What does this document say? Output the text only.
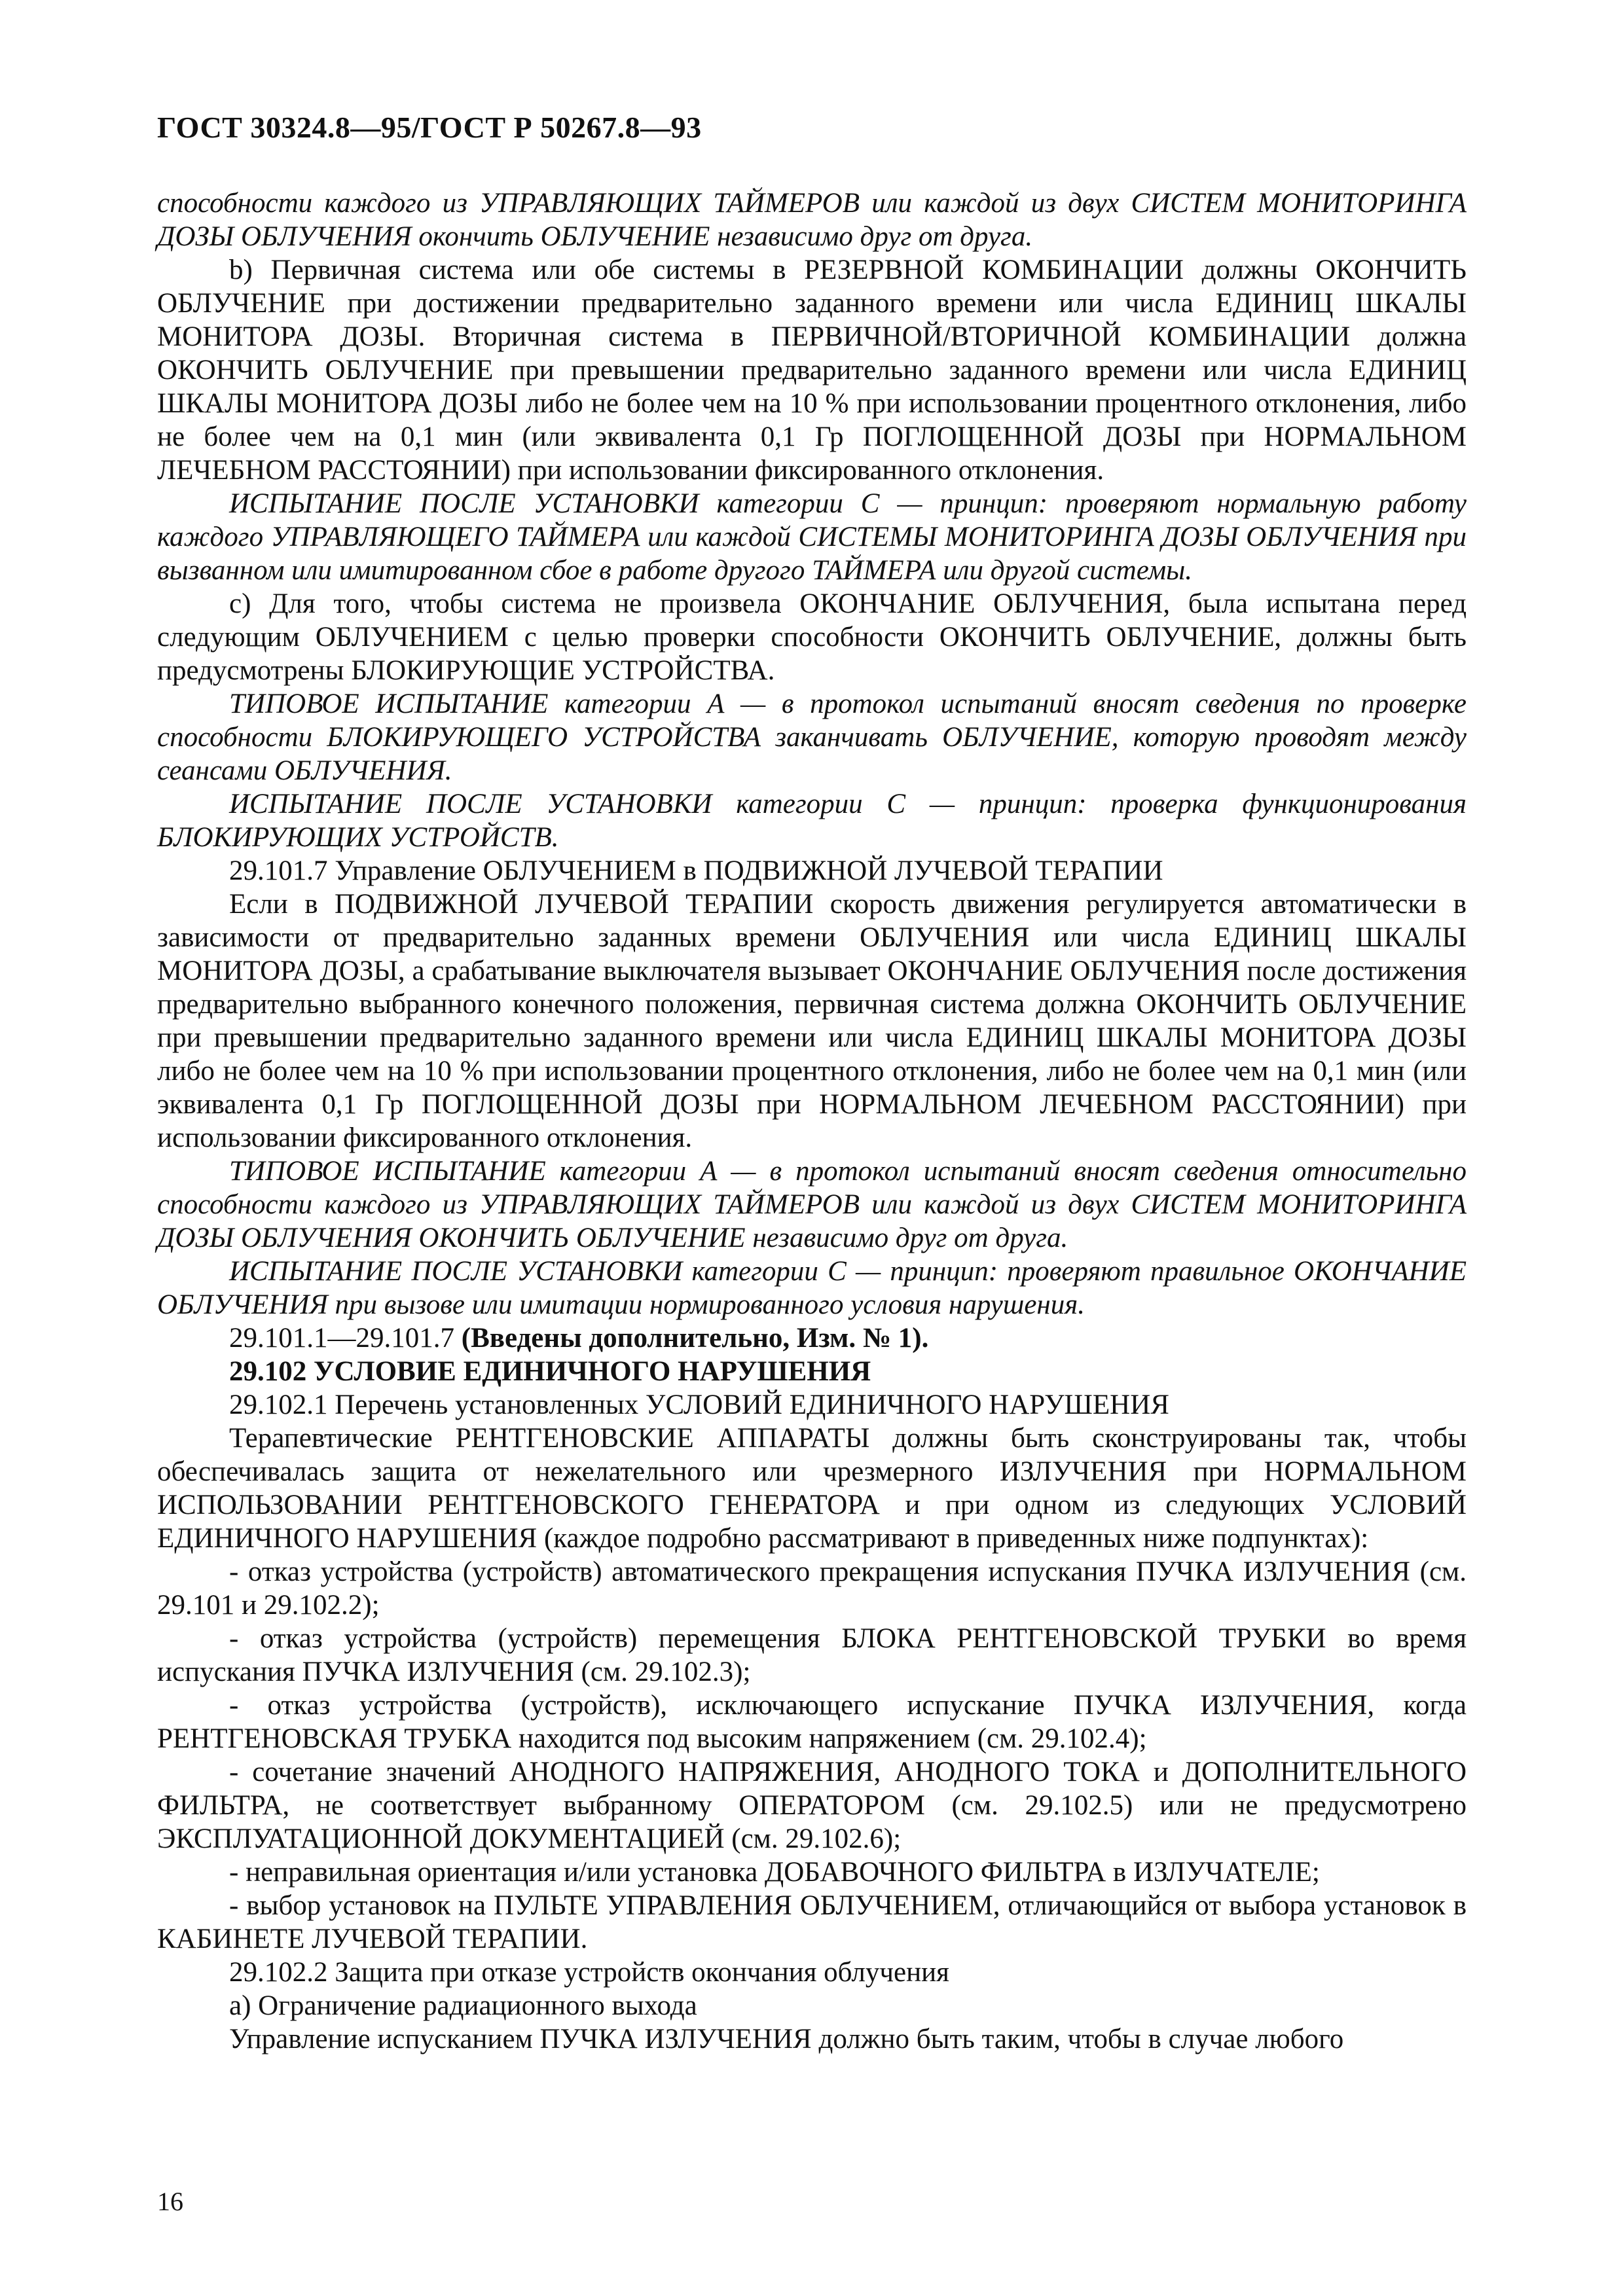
ГОСТ 30324.8—95/ГОСТ Р 50267.8—93

способности каждого из УПРАВЛЯЮЩИХ ТАЙМЕРОВ или каждой из двух СИСТЕМ МОНИТОРИНГА ДОЗЫ ОБЛУЧЕНИЯ окончить ОБЛУЧЕНИЕ независимо друг от друга.

b) Первичная система или обе системы в РЕЗЕРВНОЙ КОМБИНАЦИИ должны ОКОНЧИТЬ ОБЛУЧЕНИЕ при достижении предварительно заданного времени или числа ЕДИНИЦ ШКАЛЫ МОНИТОРА ДОЗЫ. Вторичная система в ПЕРВИЧНОЙ/ВТОРИЧНОЙ КОМБИНАЦИИ должна ОКОНЧИТЬ ОБЛУЧЕНИЕ при превышении предварительно заданного времени или числа ЕДИНИЦ ШКАЛЫ МОНИТОРА ДОЗЫ либо не более чем на 10 % при использовании процентного отклонения, либо не более чем на 0,1 мин (или эквивалента 0,1 Гр ПОГЛОЩЕННОЙ ДОЗЫ при НОРМАЛЬНОМ ЛЕЧЕБНОМ РАССТОЯНИИ) при использовании фиксированного отклонения.

ИСПЫТАНИЕ ПОСЛЕ УСТАНОВКИ категории С — принцип: проверяют нормальную работу каждого УПРАВЛЯЮЩЕГО ТАЙМЕРА или каждой СИСТЕМЫ МОНИТОРИНГА ДОЗЫ ОБЛУЧЕНИЯ при вызванном или имитированном сбое в работе другого ТАЙМЕРА или другой системы.

с) Для того, чтобы система не произвела ОКОНЧАНИЕ ОБЛУЧЕНИЯ, была испытана перед следующим ОБЛУЧЕНИЕМ с целью проверки способности ОКОНЧИТЬ ОБЛУЧЕНИЕ, должны быть предусмотрены БЛОКИРУЮЩИЕ УСТРОЙСТВА.

ТИПОВОЕ ИСПЫТАНИЕ категории А — в протокол испытаний вносят сведения по проверке способности БЛОКИРУЮЩЕГО УСТРОЙСТВА заканчивать ОБЛУЧЕНИЕ, которую проводят между сеансами ОБЛУЧЕНИЯ.

ИСПЫТАНИЕ ПОСЛЕ УСТАНОВКИ категории С — принцип: проверка функционирования БЛОКИРУЮЩИХ УСТРОЙСТВ.

29.101.7 Управление ОБЛУЧЕНИЕМ в ПОДВИЖНОЙ ЛУЧЕВОЙ ТЕРАПИИ

Если в ПОДВИЖНОЙ ЛУЧЕВОЙ ТЕРАПИИ скорость движения регулируется автоматически в зависимости от предварительно заданных времени ОБЛУЧЕНИЯ или числа ЕДИНИЦ ШКАЛЫ МОНИТОРА ДОЗЫ, а срабатывание выключателя вызывает ОКОНЧАНИЕ ОБЛУЧЕНИЯ после достижения предварительно выбранного конечного положения, первичная система должна ОКОНЧИТЬ ОБЛУЧЕНИЕ при превышении предварительно заданного времени или числа ЕДИНИЦ ШКАЛЫ МОНИТОРА ДОЗЫ либо не более чем на 10 % при использовании процентного отклонения, либо не более чем на 0,1 мин (или эквивалента 0,1 Гр ПОГЛОЩЕННОЙ ДОЗЫ при НОРМАЛЬНОМ ЛЕЧЕБНОМ РАССТОЯНИИ) при использовании фиксированного отклонения.

ТИПОВОЕ ИСПЫТАНИЕ категории А — в протокол испытаний вносят сведения относительно способности каждого из УПРАВЛЯЮЩИХ ТАЙМЕРОВ или каждой из двух СИСТЕМ МОНИТОРИНГА ДОЗЫ ОБЛУЧЕНИЯ ОКОНЧИТЬ ОБЛУЧЕНИЕ независимо друг от друга.

ИСПЫТАНИЕ ПОСЛЕ УСТАНОВКИ категории С — принцип: проверяют правильное ОКОНЧАНИЕ ОБЛУЧЕНИЯ при вызове или имитации нормированного условия нарушения.

29.101.1—29.101.7 (Введены дополнительно, Изм. № 1).

29.102 УСЛОВИЕ ЕДИНИЧНОГО НАРУШЕНИЯ

29.102.1 Перечень установленных УСЛОВИЙ ЕДИНИЧНОГО НАРУШЕНИЯ

Терапевтические РЕНТГЕНОВСКИЕ АППАРАТЫ должны быть сконструированы так, чтобы обеспечивалась защита от нежелательного или чрезмерного ИЗЛУЧЕНИЯ при НОРМАЛЬНОМ ИСПОЛЬЗОВАНИИ РЕНТГЕНОВСКОГО ГЕНЕРАТОРА и при одном из следующих УСЛОВИЙ ЕДИНИЧНОГО НАРУШЕНИЯ (каждое подробно рассматривают в приведенных ниже подпунктах):

- отказ устройства (устройств) автоматического прекращения испускания ПУЧКА ИЗЛУЧЕНИЯ (см. 29.101 и 29.102.2);

- отказ устройства (устройств) перемещения БЛОКА РЕНТГЕНОВСКОЙ ТРУБКИ во время испускания ПУЧКА ИЗЛУЧЕНИЯ (см. 29.102.3);

- отказ устройства (устройств), исключающего испускание ПУЧКА ИЗЛУЧЕНИЯ, когда РЕНТГЕНОВСКАЯ ТРУБКА находится под высоким напряжением (см. 29.102.4);

- сочетание значений АНОДНОГО НАПРЯЖЕНИЯ, АНОДНОГО ТОКА и ДОПОЛНИТЕЛЬНОГО ФИЛЬТРА, не соответствует выбранному ОПЕРАТОРОМ (см. 29.102.5) или не предусмотрено ЭКСПЛУАТАЦИОННОЙ ДОКУМЕНТАЦИЕЙ (см. 29.102.6);

- неправильная ориентация и/или установка ДОБАВОЧНОГО ФИЛЬТРА в ИЗЛУЧАТЕЛЕ;

- выбор установок на ПУЛЬТЕ УПРАВЛЕНИЯ ОБЛУЧЕНИЕМ, отличающийся от выбора установок в КАБИНЕТЕ ЛУЧЕВОЙ ТЕРАПИИ.

29.102.2 Защита при отказе устройств окончания облучения

а) Ограничение радиационного выхода

Управление испусканием ПУЧКА ИЗЛУЧЕНИЯ должно быть таким, чтобы в случае любого

16
